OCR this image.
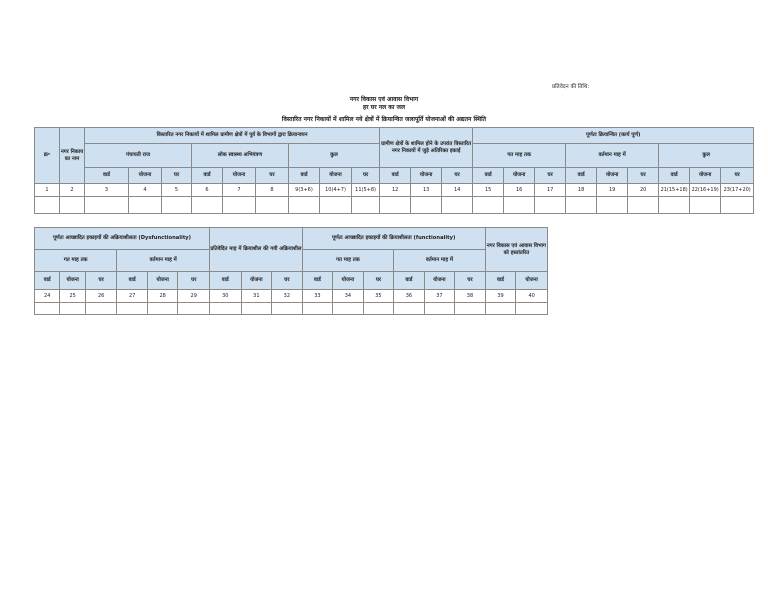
प्रतिवेदन की तिथि:
नगर विकास एवं आवास विभाग
हर घर नल का जल
विस्तारित नगर निकायों में शामिल नये क्षेत्रों में क्रियान्वित जलापूर्ति योजनाओं की अद्यतन स्थिति
क्र॰	नगर निकाय का नाम	विस्तारित नगर निकायों में शामिल ग्रामीण क्षेत्रों में पूर्व के विभागों द्वारा क्रियान्वयन									ग्रामीण क्षेत्रों के शामिल होने के उपरांत विस्तारित नगर निकायों में जुड़े अतिरिक्त इकाई			पूर्णतः क्रियान्वित (कार्य पूर्ण)								
		पंचायती राज			लोक स्वास्थ्य अभियंत्रण			कुल						गत माह तक			वर्तमान माह में			कुल		
		वार्ड	योजना	घर	वार्ड	योजना	घर	वार्ड	योजना	घर	वार्ड	योजना	घर	वार्ड	योजना	घर	वार्ड	योजना	घर	वार्ड	योजना	घर
1	2	3	4	5	6	7	8	9(3+6)	10(4+7)	11(5+8)	12	13	14	15	16	17	18	19	20	21(15+18)	22(16+19)	23(17+20)

पूर्णतः आच्छादित इकाइयों की अक्रियाशीलता (Dysfunctionality)						प्रतिवेदित माह में क्रियाशील की गयी अक्रियाशील			पूर्णतः आच्छादित इकाइयों की क्रियाशीलता (functionality)						नगर विकास एवं आवास विभाग को हस्तांतरित	
गत माह तक			वर्तमान माह में						गत माह तक			वर्तमान माह में				
वार्ड	योजना	घर	वार्ड	योजना	घर	वार्ड	योजना	घर	वार्ड	योजना	घर	वार्ड	योजना	घर	वार्ड	योजना
24	25	26	27	28	29	30	31	32	33	34	35	36	37	38	39	40
